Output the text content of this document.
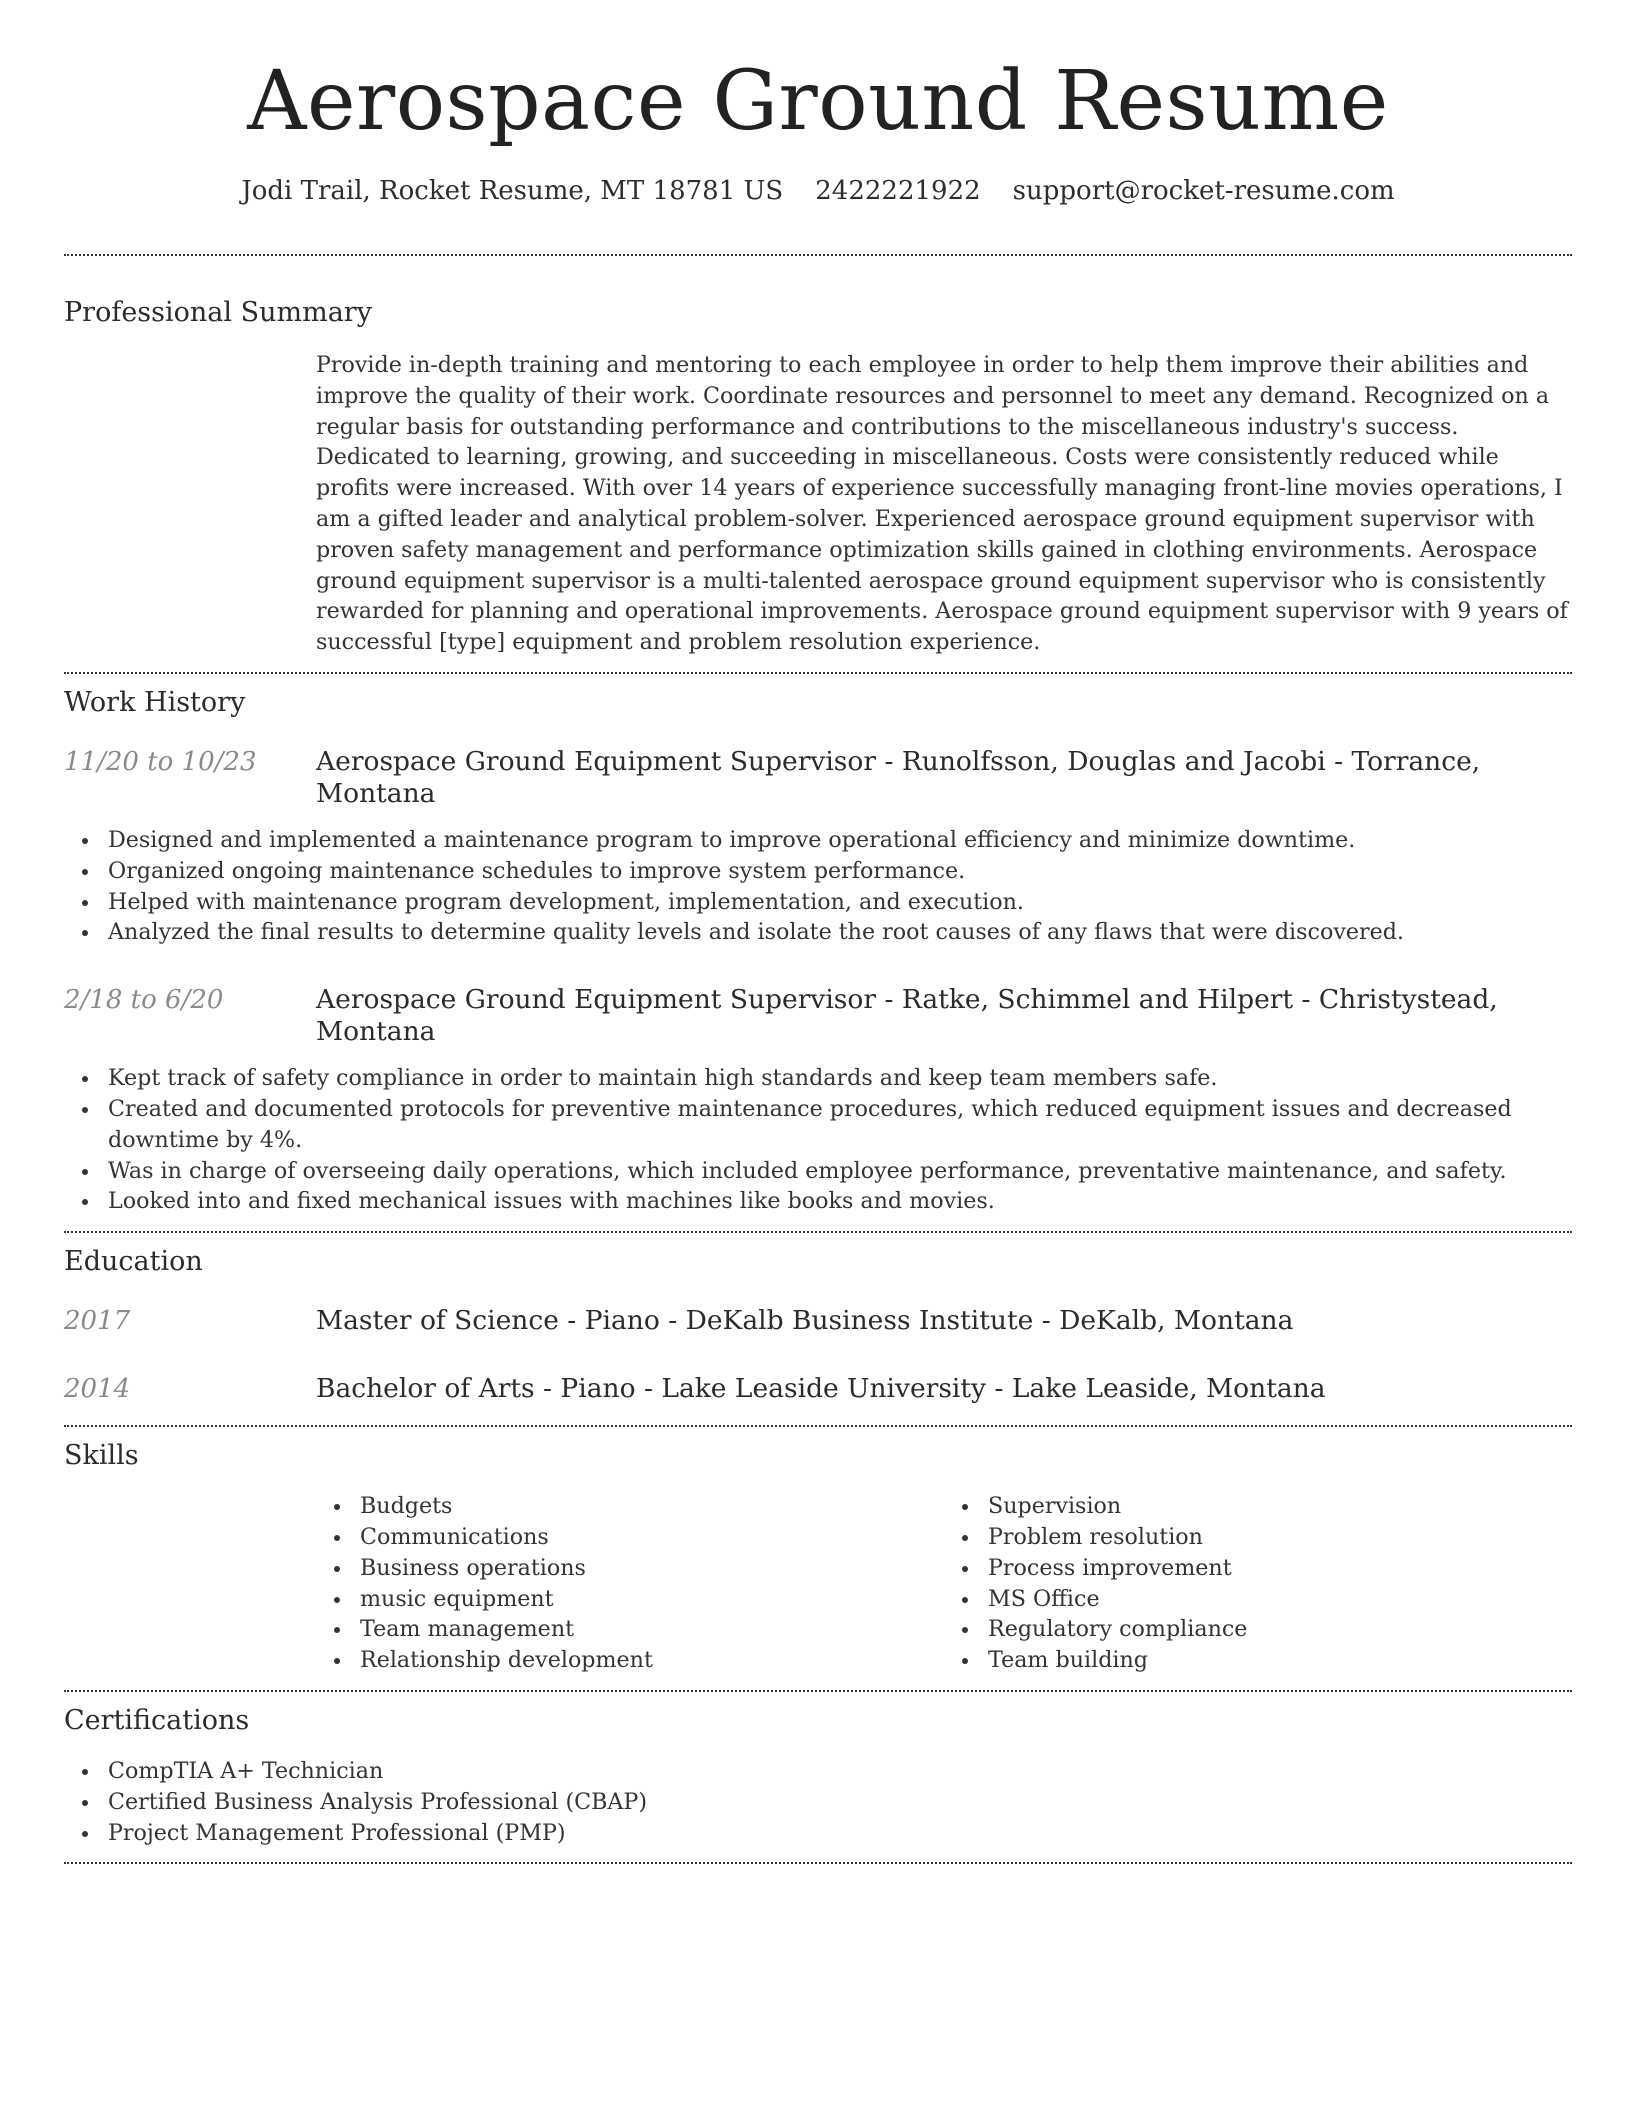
Aerospace Ground Resume
Jodi Trail, Rocket Resume, MT 18781 US 2422221922 support@rocket-resume.com
Professional Summary
Provide in-depth training and mentoring to each employee in order to help them improve their abilities and improve the quality of their work. Coordinate resources and personnel to meet any demand. Recognized on a regular basis for outstanding performance and contributions to the miscellaneous industry's success. Dedicated to learning, growing, and succeeding in miscellaneous. Costs were consistently reduced while profits were increased. With over 14 years of experience successfully managing front-line movies operations, I am a gifted leader and analytical problem-solver. Experienced aerospace ground equipment supervisor with proven safety management and performance optimization skills gained in clothing environments. Aerospace ground equipment supervisor is a multi-talented aerospace ground equipment supervisor who is consistently rewarded for planning and operational improvements. Aerospace ground equipment supervisor with 9 years of successful [type] equipment and problem resolution experience.
Work History
11/20 to 10/23	Aerospace Ground Equipment Supervisor - Runolfsson, Douglas and Jacobi - Torrance, Montana
Designed and implemented a maintenance program to improve operational efficiency and minimize downtime.
Organized ongoing maintenance schedules to improve system performance.
Helped with maintenance program development, implementation, and execution.
Analyzed the final results to determine quality levels and isolate the root causes of any flaws that were discovered.
2/18 to 6/20	Aerospace Ground Equipment Supervisor - Ratke, Schimmel and Hilpert - Christystead, Montana
Kept track of safety compliance in order to maintain high standards and keep team members safe.
Created and documented protocols for preventive maintenance procedures, which reduced equipment issues and decreased downtime by 4%.
Was in charge of overseeing daily operations, which included employee performance, preventative maintenance, and safety.
Looked into and fixed mechanical issues with machines like books and movies.
Education
2017	Master of Science - Piano - DeKalb Business Institute - DeKalb, Montana
2014	Bachelor of Arts - Piano - Lake Leaside University - Lake Leaside, Montana
Skills
Budgets
Communications
Business operations
music equipment
Team management
Relationship development
Supervision
Problem resolution
Process improvement
MS Office
Regulatory compliance
Team building
Certifications
CompTIA A+ Technician
Certified Business Analysis Professional (CBAP)
Project Management Professional (PMP)
